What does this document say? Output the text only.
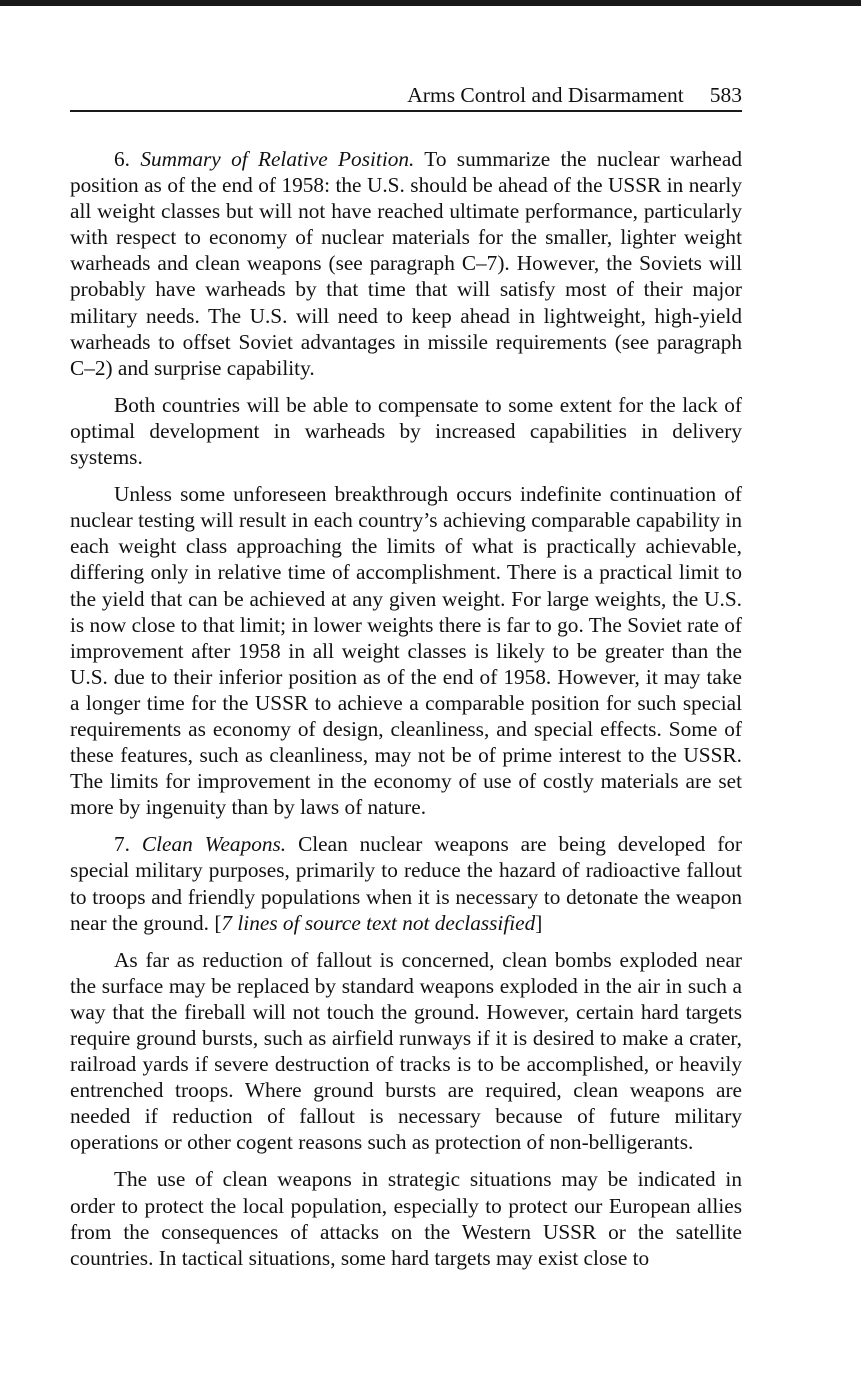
Arms Control and Disarmament 583

6. Summary of Relative Position. To summarize the nuclear warhead position as of the end of 1958: the U.S. should be ahead of the USSR in nearly all weight classes but will not have reached ultimate performance, particularly with respect to economy of nuclear materials for the smaller, lighter weight warheads and clean weapons (see paragraph C–7). However, the Soviets will probably have warheads by that time that will satisfy most of their major military needs. The U.S. will need to keep ahead in lightweight, high-yield warheads to offset Soviet advantages in missile requirements (see paragraph C–2) and surprise capability.

Both countries will be able to compensate to some extent for the lack of optimal development in warheads by increased capabilities in delivery systems.

Unless some unforeseen breakthrough occurs indefinite continuation of nuclear testing will result in each country’s achieving comparable capability in each weight class approaching the limits of what is practically achievable, differing only in relative time of accomplishment. There is a practical limit to the yield that can be achieved at any given weight. For large weights, the U.S. is now close to that limit; in lower weights there is far to go. The Soviet rate of improvement after 1958 in all weight classes is likely to be greater than the U.S. due to their inferior position as of the end of 1958. However, it may take a longer time for the USSR to achieve a comparable position for such special requirements as economy of design, cleanliness, and special effects. Some of these features, such as cleanliness, may not be of prime interest to the USSR. The limits for improvement in the economy of use of costly materials are set more by ingenuity than by laws of nature.

7. Clean Weapons. Clean nuclear weapons are being developed for special military purposes, primarily to reduce the hazard of radioactive fallout to troops and friendly populations when it is necessary to detonate the weapon near the ground. [7 lines of source text not declassified]

As far as reduction of fallout is concerned, clean bombs exploded near the surface may be replaced by standard weapons exploded in the air in such a way that the fireball will not touch the ground. However, certain hard targets require ground bursts, such as airfield runways if it is desired to make a crater, railroad yards if severe destruction of tracks is to be accomplished, or heavily entrenched troops. Where ground bursts are required, clean weapons are needed if reduction of fallout is necessary because of future military operations or other cogent reasons such as protection of non-belligerants.

The use of clean weapons in strategic situations may be indicated in order to protect the local population, especially to protect our European allies from the consequences of attacks on the Western USSR or the satellite countries. In tactical situations, some hard targets may exist close to
